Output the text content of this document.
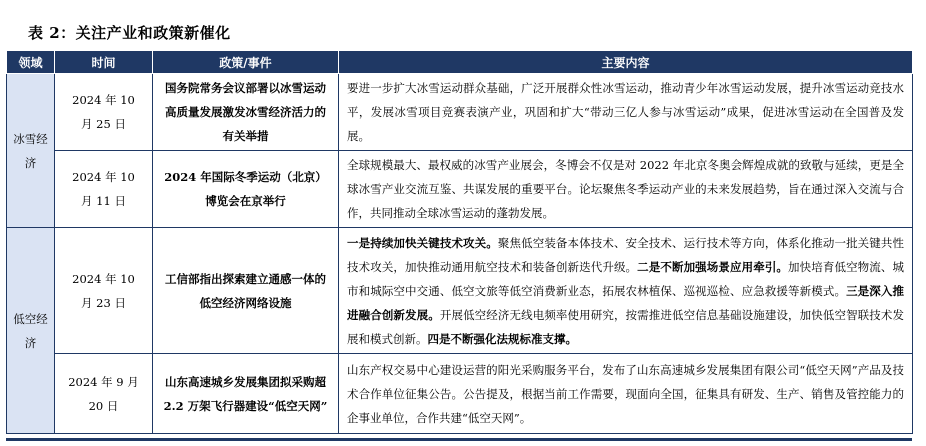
表 2：关注产业和政策新催化
领域	时间	政策/事件	主要内容
冰雪经济	2024 年 10 月 25 日	国务院常务会议部署以冰雪运动高质量发展激发冰雪经济活力的有关举措	要进一步扩大冰雪运动群众基础，广泛开展群众性冰雪运动，推动青少年冰雪运动发展，提升冰雪运动竞技水平，发展冰雪项目竞赛表演产业，巩固和扩大“带动三亿人参与冰雪运动”成果，促进冰雪运动在全国普及发展。
	2024 年 10 月 11 日	2024 年国际冬季运动（北京）博览会在京举行	全球规模最大、最权威的冰雪产业展会，冬博会不仅是对 2022 年北京冬奥会辉煌成就的致敬与延续，更是全球冰雪产业交流互鉴、共谋发展的重要平台。论坛聚焦冬季运动产业的未来发展趋势，旨在通过深入交流与合作，共同推动全球冰雪运动的蓬勃发展。
低空经济	2024 年 10 月 23 日	工信部指出探索建立通感一体的低空经济网络设施	一是持续加快关键技术攻关。聚焦低空装备本体技术、安全技术、运行技术等方向，体系化推动一批关键共性技术攻关，加快推动通用航空技术和装备创新迭代升级。二是不断加强场景应用牵引。加快培育低空物流、城市和城际空中交通、低空文旅等低空消费新业态，拓展农林植保、巡视巡检、应急救援等新模式。三是深入推进融合创新发展。开展低空经济无线电频率使用研究，按需推进低空信息基础设施建设，加快低空智联技术发展和模式创新。四是不断强化法规标准支撑。
	2024 年 9 月 20 日	山东高速城乡发展集团拟采购超 2.2 万架飞行器建设“低空天网”	山东产权交易中心建设运营的阳光采购服务平台，发布了山东高速城乡发展集团有限公司“低空天网”产品及技术合作单位征集公告。公告提及，根据当前工作需要，现面向全国，征集具有研发、生产、销售及管控能力的企事业单位，合作共建“低空天网”。
